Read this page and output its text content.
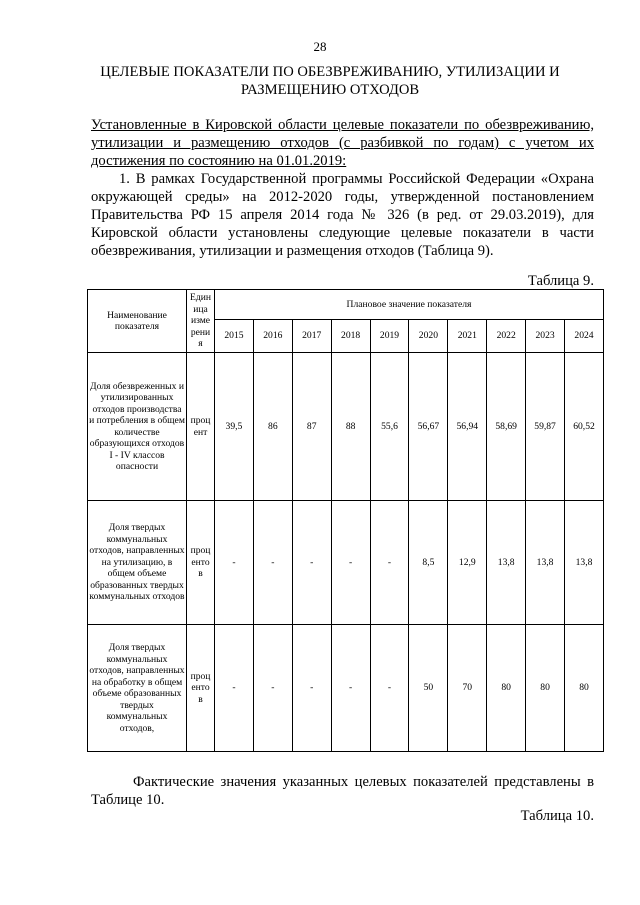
28
ЦЕЛЕВЫЕ ПОКАЗАТЕЛИ ПО ОБЕЗВРЕЖИВАНИЮ, УТИЛИЗАЦИИ И
РАЗМЕЩЕНИЮ ОТХОДОВ
Установленные в Кировской области целевые показатели по обезвреживанию, утилизации и размещению отходов (с разбивкой по годам) с учетом их достижения по состоянию на 01.01.2019:
1. В рамках Государственной программы Российской Федерации «Охрана окружающей среды» на 2012-2020 годы, утвержденной постановлением Правительства РФ 15 апреля 2014 года № 326 (в ред. от 29.03.2019), для Кировской области установлены следующие целевые показатели в части обезвреживания, утилизации и размещения отходов (Таблица 9).
Таблица 9.
Наименование показателя	Един ица изме рени я	Плановое значение показателя									
		2015	2016	2017	2018	2019	2020	2021	2022	2023	2024
Доля обезвреженных и утилизированных отходов производства и потребления в общем количестве образующихся отходов I - IV классов опасности	проц ент	39,5	86	87	88	55,6	56,67	56,94	58,69	59,87	60,52
Доля твердых коммунальных отходов, направленных на утилизацию, в общем объеме образованных твердых коммунальных отходов	проц енто в	-	-	-	-	-	8,5	12,9	13,8	13,8	13,8
Доля твердых коммунальных отходов, направленных на обработку в общем объеме образованных твердых коммунальных отходов,	проц енто в	-	-	-	-	-	50	70	80	80	80
Фактические значения указанных целевых показателей представлены в Таблице 10.
Таблица 10.
